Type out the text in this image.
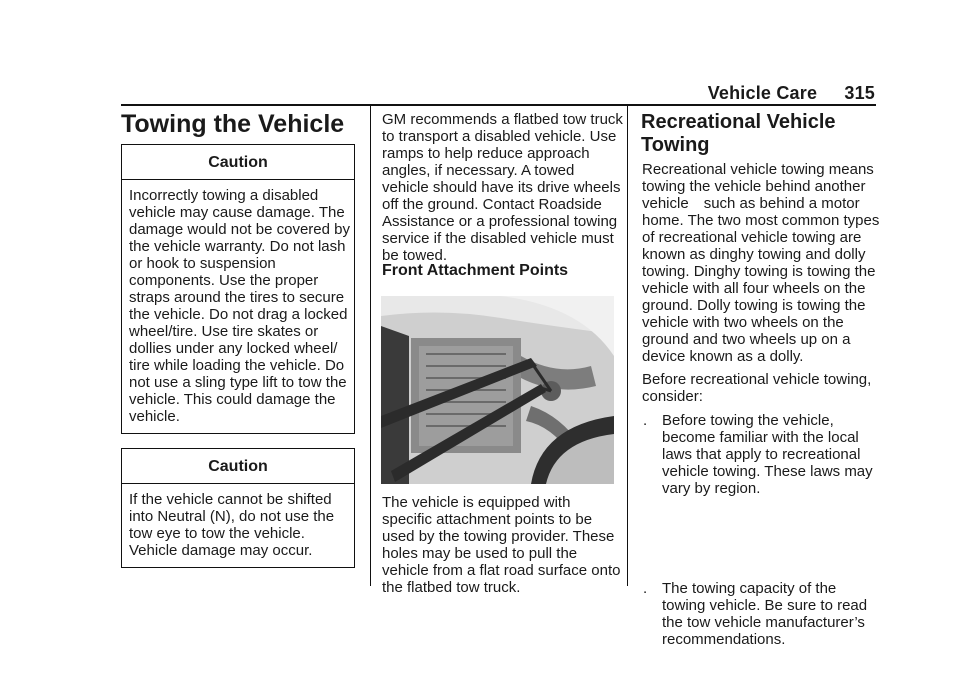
Vehicle Care 315
Towing the Vehicle
Caution
Incorrectly towing a disabled
vehicle may cause damage. The
damage would not be covered by
the vehicle warranty. Do not lash
or hook to suspension
components. Use the proper
straps around the tires to secure
the vehicle. Do not drag a locked
wheel/tire. Use tire skates or
dollies under any locked wheel/
tire while loading the vehicle. Do
not use a sling type lift to tow the
vehicle. This could damage the
vehicle.
Caution
If the vehicle cannot be shifted
into Neutral (N), do not use the
tow eye to tow the vehicle.
Vehicle damage may occur.
GM recommends a flatbed tow truck
to transport a disabled vehicle. Use
ramps to help reduce approach
angles, if necessary. A towed
vehicle should have its drive wheels
off the ground. Contact Roadside
Assistance or a professional towing
service if the disabled vehicle must
be towed.
Front Attachment Points
The vehicle is equipped with
specific attachment points to be
used by the towing provider. These
holes may be used to pull the
vehicle from a flat road surface onto
the flatbed tow truck.
Recreational Vehicle
Towing
Recreational vehicle towing means
towing the vehicle behind another
vehicle such as behind a motor
home. The two most common types
of recreational vehicle towing are
known as dinghy towing and dolly
towing. Dinghy towing is towing the
vehicle with all four wheels on the
ground. Dolly towing is towing the
vehicle with two wheels on the
ground and two wheels up on a
device known as a dolly.
Before recreational vehicle towing,
consider:
. Before towing the vehicle,
become familiar with the local
laws that apply to recreational
vehicle towing. These laws may
vary by region.
. The towing capacity of the
towing vehicle. Be sure to read
the tow vehicle manufacturer’s
recommendations.
